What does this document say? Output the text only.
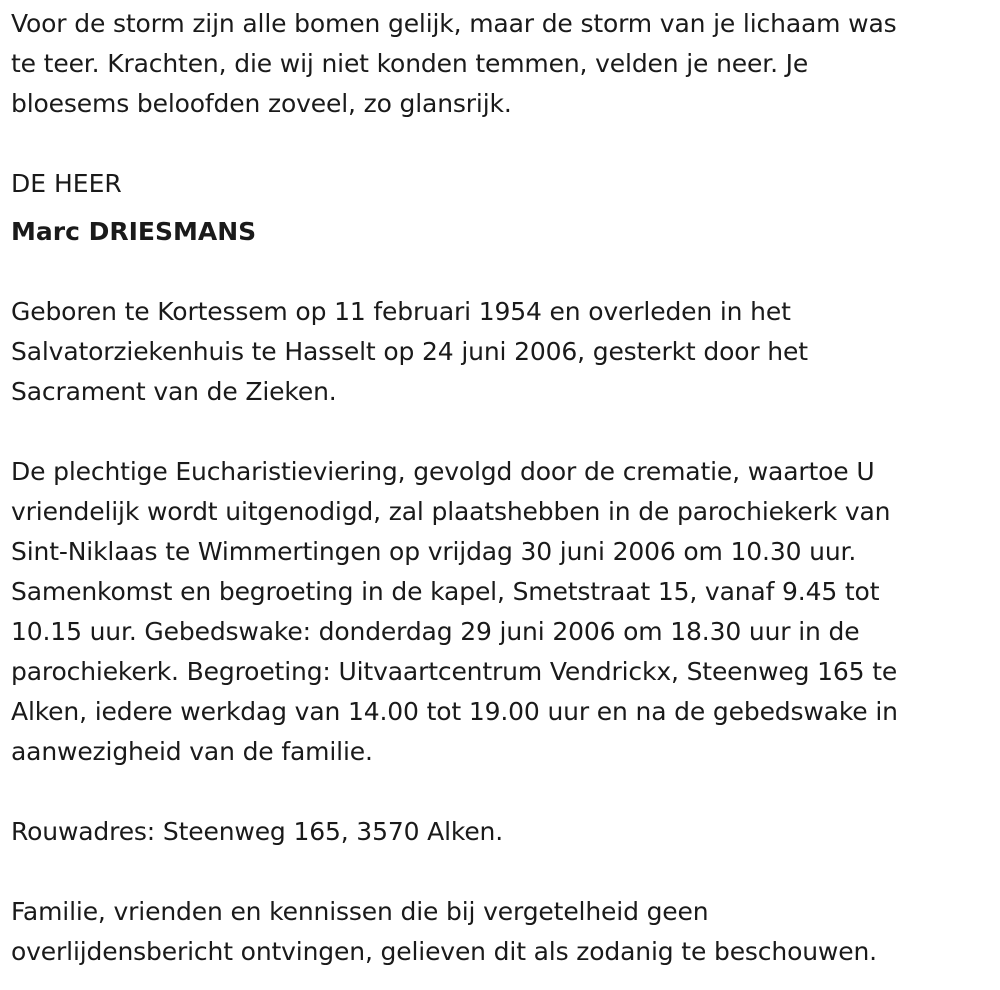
Voor de storm zijn alle bomen gelijk, maar de storm van je lichaam was
te teer. Krachten, die wij niet konden temmen, velden je neer. Je
bloesems beloofden zoveel, zo glansrijk.
DE HEER
Marc DRIESMANS
Geboren te Kortessem op 11 februari 1954 en overleden in het
Salvatorziekenhuis te Hasselt op 24 juni 2006, gesterkt door het
Sacrament van de Zieken.
De plechtige Eucharistieviering, gevolgd door de crematie, waartoe U
vriendelijk wordt uitgenodigd, zal plaatshebben in de parochiekerk van
Sint-Niklaas te Wimmertingen op vrijdag 30 juni 2006 om 10.30 uur.
Samenkomst en begroeting in de kapel, Smetstraat 15, vanaf 9.45 tot
10.15 uur. Gebedswake: donderdag 29 juni 2006 om 18.30 uur in de
parochiekerk. Begroeting: Uitvaartcentrum Vendrickx, Steenweg 165 te
Alken, iedere werkdag van 14.00 tot 19.00 uur en na de gebedswake in
aanwezigheid van de familie.
Rouwadres: Steenweg 165, 3570 Alken.
Familie, vrienden en kennissen die bij vergetelheid geen
overlijdensbericht ontvingen, gelieven dit als zodanig te beschouwen.
